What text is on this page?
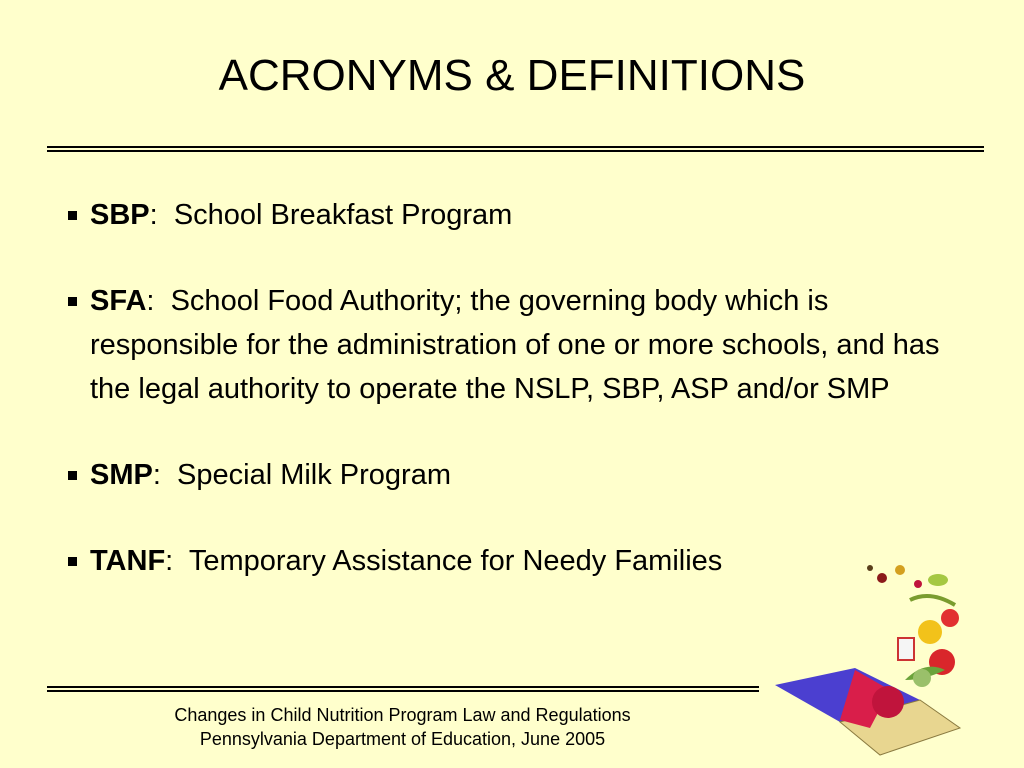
ACRONYMS & DEFINITIONS
SBP: School Breakfast Program
SFA: School Food Authority; the governing body which is responsible for the administration of one or more schools, and has the legal authority to operate the NSLP, SBP, ASP and/or SMP
SMP: Special Milk Program
TANF: Temporary Assistance for Needy Families
Changes in Child Nutrition Program Law and Regulations
Pennsylvania Department of Education, June 2005
